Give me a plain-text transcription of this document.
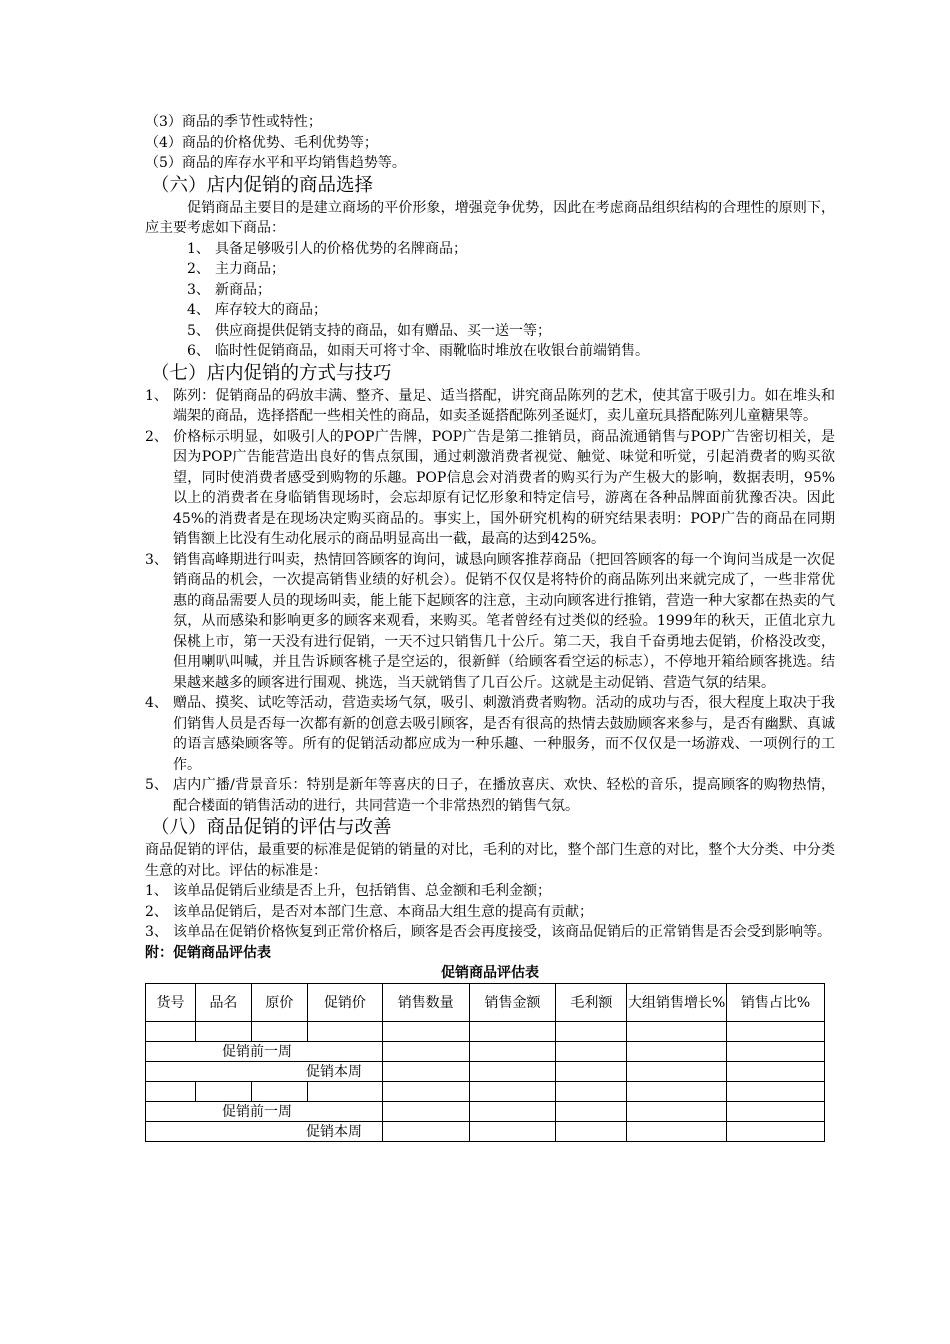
（3）商品的季节性或特性；
（4）商品的价格优势、毛利优势等；
（5）商品的库存水平和平均销售趋势等。
（六）店内促销的商品选择
促销商品主要目的是建立商场的平价形象，增强竞争优势，因此在考虑商品组织结构的合理性的原则下，应主要考虑如下商品：
1、 具备足够吸引人的价格优势的名牌商品；
2、 主力商品；
3、 新商品；
4、 库存较大的商品；
5、 供应商提供促销支持的商品，如有赠品、买一送一等；
6、 临时性促销商品，如雨天可将寸伞、雨靴临时堆放在收银台前端销售。
（七）店内促销的方式与技巧
1、 陈列：促销商品的码放丰满、整齐、量足、适当搭配，讲究商品陈列的艺术，使其富于吸引力。如在堆头和端架的商品，选择搭配一些相关性的商品，如卖圣诞搭配陈列圣诞灯，卖儿童玩具搭配陈列儿童糖果等。
2、 价格标示明显，如吸引人的POP广告牌，POP广告是第二推销员，商品流通销售与POP广告密切相关，是因为POP广告能营造出良好的售点氛围，通过刺激消费者视觉、触觉、味觉和听觉，引起消费者的购买欲望，同时使消费者感受到购物的乐趣。POP信息会对消费者的购买行为产生极大的影响，数据表明，95%以上的消费者在身临销售现场时，会忘却原有记忆形象和特定信号，游离在各种品牌面前犹豫否决。因此45%的消费者是在现场决定购买商品的。事实上，国外研究机构的研究结果表明：POP广告的商品在同期销售额上比没有生动化展示的商品明显高出一截，最高的达到425%。
3、 销售高峰期进行叫卖，热情回答顾客的询问，诚恳向顾客推荐商品（把回答顾客的每一个询问当成是一次促销商品的机会，一次提高销售业绩的好机会）。促销不仅仅是将特价的商品陈列出来就完成了，一些非常优惠的商品需要人员的现场叫卖，能上能下起顾客的注意，主动向顾客进行推销，营造一种大家都在热卖的气氛，从而感染和影响更多的顾客来观看，来购买。笔者曾经有过类似的经验。1999年的秋天，正值北京九保桃上市，第一天没有进行促销，一天不过只销售几十公斤。第二天，我自千奋勇地去促销，价格没改变，但用喇叭叫喊，并且告诉顾客桃子是空运的，很新鲜（给顾客看空运的标志），不停地开箱给顾客挑选。结果越来越多的顾客进行围观、挑选，当天就销售了几百公斤。这就是主动促销、营造气氛的结果。
4、 赠品、摸奖、试吃等活动，营造卖场气氛，吸引、刺激消费者购物。活动的成功与否，很大程度上取决于我们销售人员是否每一次都有新的创意去吸引顾客，是否有很高的热情去鼓励顾客来参与，是否有幽默、真诚的语言感染顾客等。所有的促销活动都应成为一种乐趣、一种服务，而不仅仅是一场游戏、一项例行的工作。
5、 店内广播/背景音乐：特别是新年等喜庆的日子，在播放喜庆、欢快、轻松的音乐，提高顾客的购物热情，配合楼面的销售活动的进行，共同营造一个非常热烈的销售气氛。
（八）商品促销的评估与改善
商品促销的评估，最重要的标准是促销的销量的对比，毛利的对比，整个部门生意的对比，整个大分类、中分类生意的对比。评估的标准是：
1、 该单品促销后业绩是否上升，包括销售、总金额和毛利金额；
2、 该单品促销后，是否对本部门生意、本商品大组生意的提高有贡献；
3、 该单品在促销价格恢复到正常价格后，顾客是否会再度接受，该商品促销后的正常销售是否会受到影响等。
附：促销商品评估表
促销商品评估表
货号	品名	原价	促销价	销售数量	销售金额	毛利额	大组销售增长%	销售占比%

促销前一周								
促销本周								

促销前一周								
促销本周								
